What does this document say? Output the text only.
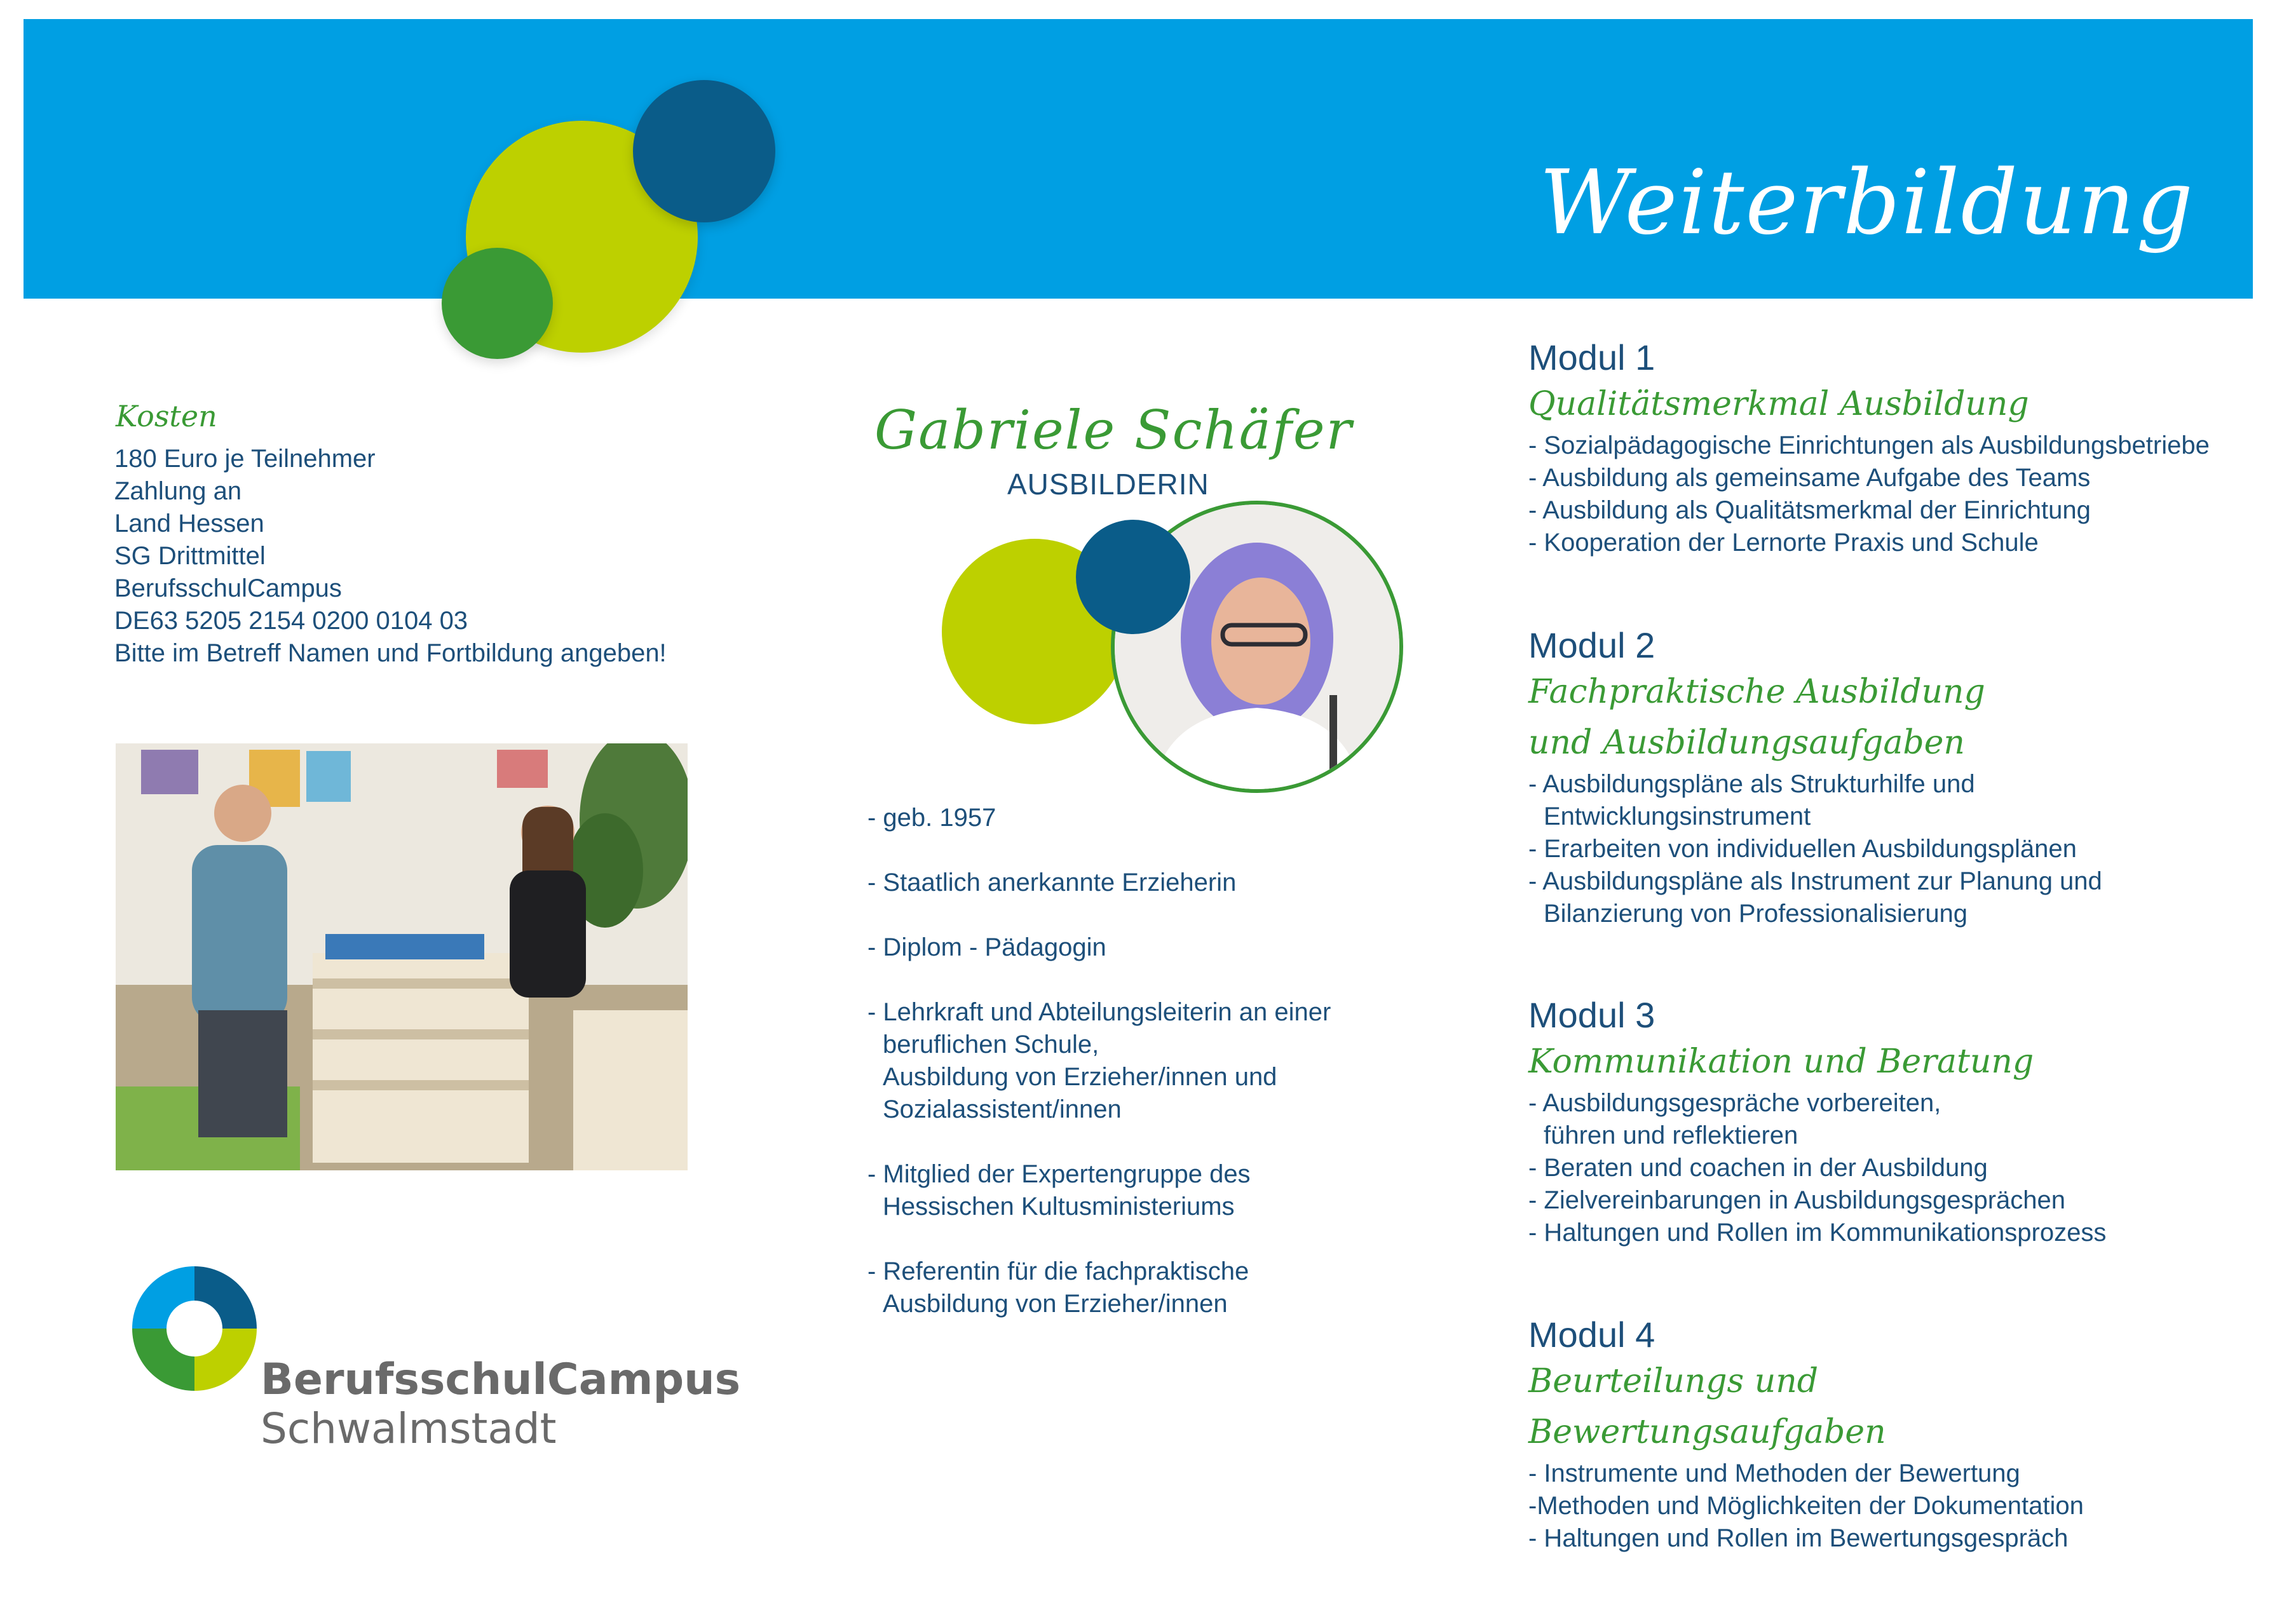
Weiterbildung
Kosten
180 Euro je Teilnehmer
Zahlung an
Land Hessen
SG Drittmittel
BerufsschulCampus
DE63 5205 2154 0200 0104 03
Bitte im Betreff Namen und Fortbildung angeben!
BerufsschulCampus
Schwalmstadt
Gabriele Schäfer
AUSBILDERIN
- geb. 1957
- Staatlich anerkannte Erzieherin
- Diplom - Pädagogin
- Lehrkraft und Abteilungsleiterin an einer
beruflichen Schule,
Ausbildung von Erzieher/innen und
Sozialassistent/innen
- Mitglied der Expertengruppe des
Hessischen Kultusministeriums
- Referentin für die fachpraktische
Ausbildung von Erzieher/innen
Modul 1
Qualitätsmerkmal Ausbildung
- Sozialpädagogische Einrichtungen als Ausbildungsbetriebe
- Ausbildung als gemeinsame Aufgabe des Teams
- Ausbildung als Qualitätsmerkmal der Einrichtung
- Kooperation der Lernorte Praxis und Schule
Modul 2
Fachpraktische Ausbildung
und Ausbildungsaufgaben
- Ausbildungspläne als Strukturhilfe und
Entwicklungsinstrument
- Erarbeiten von individuellen Ausbildungsplänen
- Ausbildungspläne als Instrument zur Planung und
Bilanzierung von Professionalisierung
Modul 3
Kommunikation und Beratung
- Ausbildungsgespräche vorbereiten,
führen und reflektieren
- Beraten und coachen in der Ausbildung
- Zielvereinbarungen in Ausbildungsgesprächen
- Haltungen und Rollen im Kommunikationsprozess
Modul 4
Beurteilungs und
Bewertungsaufgaben
- Instrumente und Methoden der Bewertung
-Methoden und Möglichkeiten der Dokumentation
- Haltungen und Rollen im Bewertungsgespräch
